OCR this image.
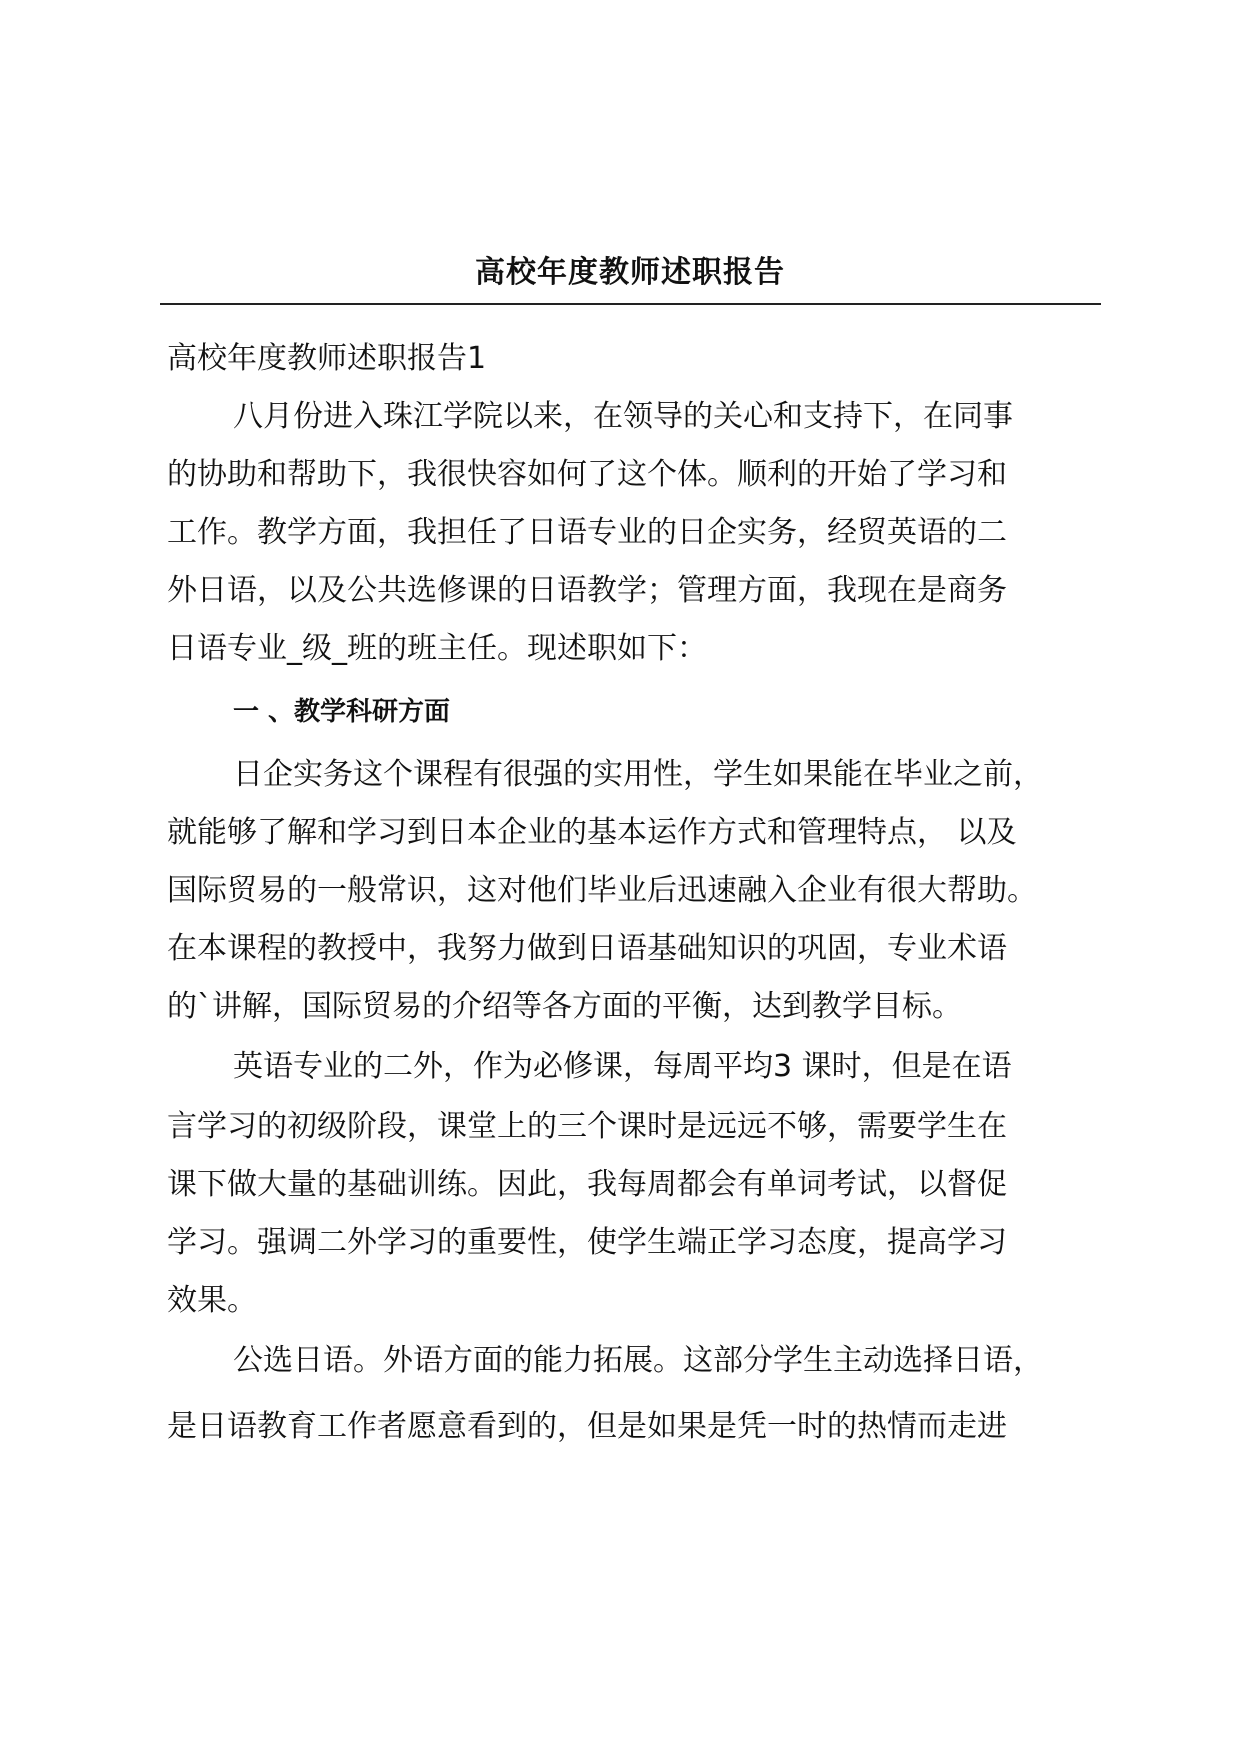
高校年度教师述职报告

高校年度教师述职报告1

八月份进入珠江学院以来，在领导的关心和支持下，在同事

的协助和帮助下，我很快容如何了这个体。顺利的开始了学习和

工作。教学方面，我担任了日语专业的日企实务，经贸英语的二

外日语，以及公共选修课的日语教学；管理方面，我现在是商务

日语专业_级_班的班主任。现述职如下：

一 、教学科研方面

日企实务这个课程有很强的实用性，学生如果能在毕业之前，

就能够了解和学习到日本企业的基本运作方式和管理特点， 以及

国际贸易的一般常识，这对他们毕业后迅速融入企业有很大帮助。

在本课程的教授中，我努力做到日语基础知识的巩固，专业术语

的`讲解，国际贸易的介绍等各方面的平衡，达到教学目标。

英语专业的二外，作为必修课，每周平均3 课时，但是在语

言学习的初级阶段，课堂上的三个课时是远远不够，需要学生在

课下做大量的基础训练。因此，我每周都会有单词考试，以督促

学习。强调二外学习的重要性，使学生端正学习态度，提高学习

效果。

公选日语。外语方面的能力拓展。这部分学生主动选择日语，

是日语教育工作者愿意看到的，但是如果是凭一时的热情而走进
